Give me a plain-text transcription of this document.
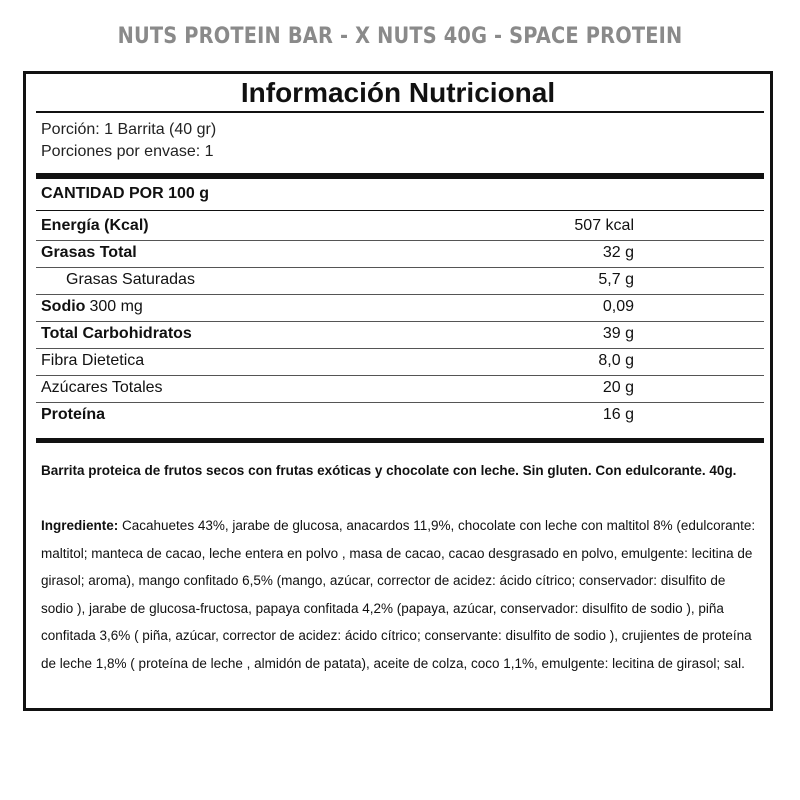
NUTS PROTEIN BAR - X NUTS 40G - SPACE PROTEIN
Información Nutricional
Porción: 1 Barrita (40 gr)
Porciones por envase: 1
CANTIDAD POR 100 g
Energía (Kcal)	507 kcal
Grasas Total	32 g
Grasas Saturadas	5,7 g
Sodio 300 mg	0,09
Total Carbohidratos	39 g
Fibra Dietetica	8,0 g
Azúcares Totales	20 g
Proteína	16 g
Barrita proteica de frutos secos con frutas exóticas y chocolate con leche. Sin gluten. Con edulcorante. 40g.
Ingrediente: Cacahuetes 43%, jarabe de glucosa, anacardos 11,9%, chocolate con leche con maltitol 8% (edulcorante: maltitol; manteca de cacao, leche entera en polvo , masa de cacao, cacao desgrasado en polvo, emulgente: lecitina de girasol; aroma), mango confitado 6,5% (mango, azúcar, corrector de acidez: ácido cítrico; conservador: disulfito de sodio ), jarabe de glucosa-fructosa, papaya confitada 4,2% (papaya, azúcar, conservador: disulfito de sodio ), piña confitada 3,6% ( piña, azúcar, corrector de acidez: ácido cítrico; conservante: disulfito de sodio ), crujientes de proteína de leche 1,8% ( proteína de leche , almidón de patata), aceite de colza, coco 1,1%, emulgente: lecitina de girasol; sal.
